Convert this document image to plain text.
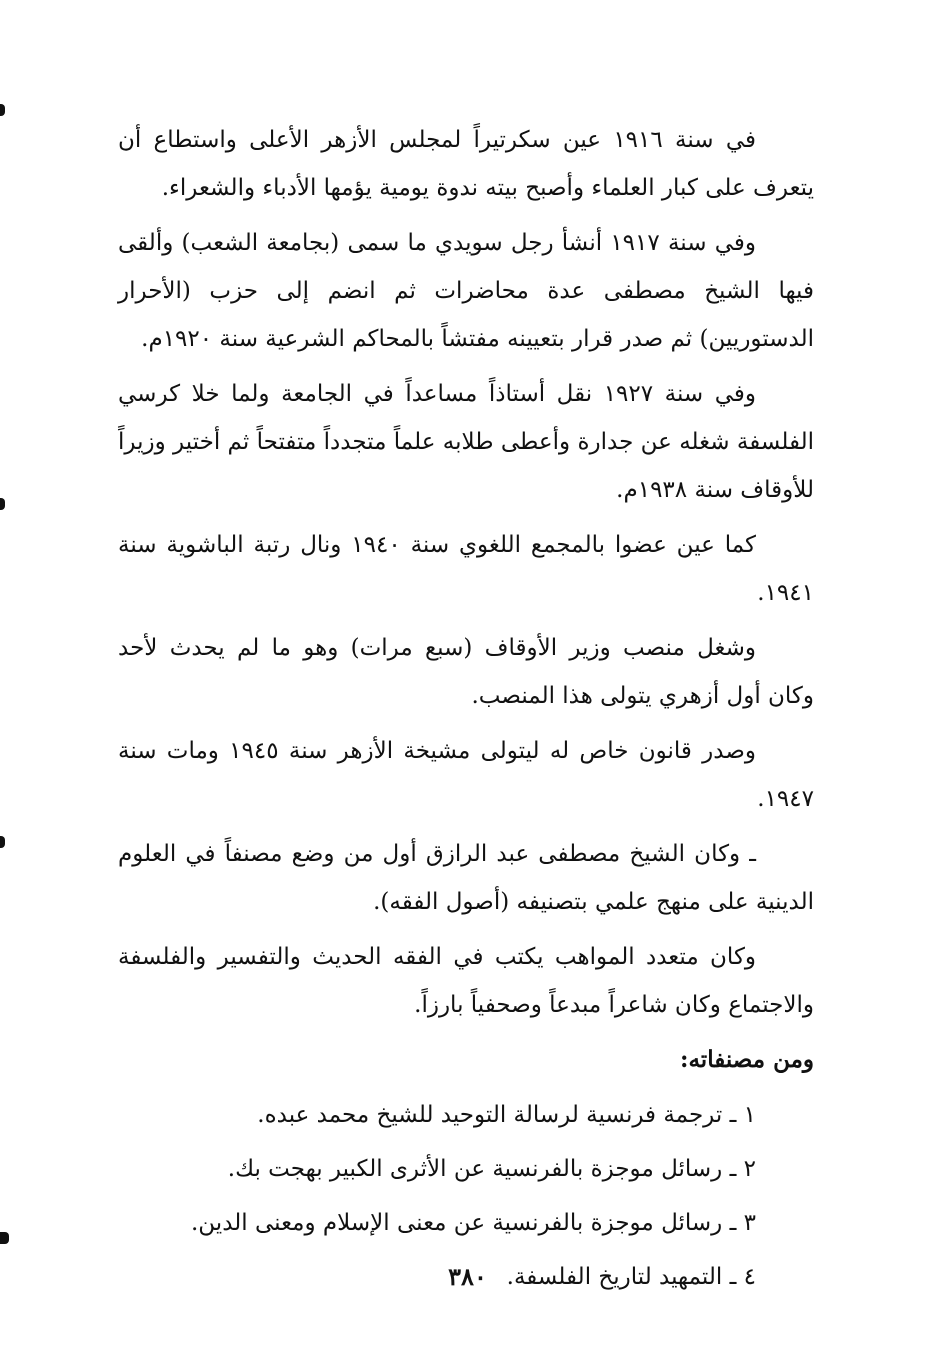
في سنة ١٩١٦ عين سكرتيراً لمجلس الأزهر الأعلى واستطاع أن يتعرف على كبار العلماء وأصبح بيته ندوة يومية يؤمها الأدباء والشعراء.

وفي سنة ١٩١٧ أنشأ رجل سويدي ما سمى (بجامعة الشعب) وألقى فيها الشيخ مصطفى عدة محاضرات ثم انضم إلى حزب (الأحرار الدستوريين) ثم صدر قرار بتعيينه مفتشاً بالمحاكم الشرعية سنة ١٩٢٠م.

وفي سنة ١٩٢٧ نقل أستاذاً مساعداً في الجامعة ولما خلا كرسي الفلسفة شغله عن جدارة وأعطى طلابه علماً متجدداً متفتحاً ثم أختير وزيراً للأوقاف سنة ١٩٣٨م.

كما عين عضوا بالمجمع اللغوي سنة ١٩٤٠ ونال رتبة الباشوية سنة ١٩٤١.

وشغل منصب وزير الأوقاف (سبع مرات) وهو ما لم يحدث لأحد وكان أول أزهري يتولى هذا المنصب.

وصدر قانون خاص له ليتولى مشيخة الأزهر سنة ١٩٤٥ ومات سنة ١٩٤٧.

ـ وكان الشيخ مصطفى عبد الرازق أول من وضع مصنفاً في العلوم الدينية على منهج علمي بتصنيفه (أصول الفقه).

وكان متعدد المواهب يكتب في الفقه الحديث والتفسير والفلسفة والاجتماع وكان شاعراً مبدعاً وصحفياً بارزاً.

ومن مصنفاته:

١ ـ ترجمة فرنسية لرسالة التوحيد للشيخ محمد عبده.
٢ ـ رسائل موجزة بالفرنسية عن الأثرى الكبير بهجت بك.
٣ ـ رسائل موجزة بالفرنسية عن معنى الإسلام ومعنى الدين.
٤ ـ التمهيد لتاريخ الفلسفة.
٣٨٠
